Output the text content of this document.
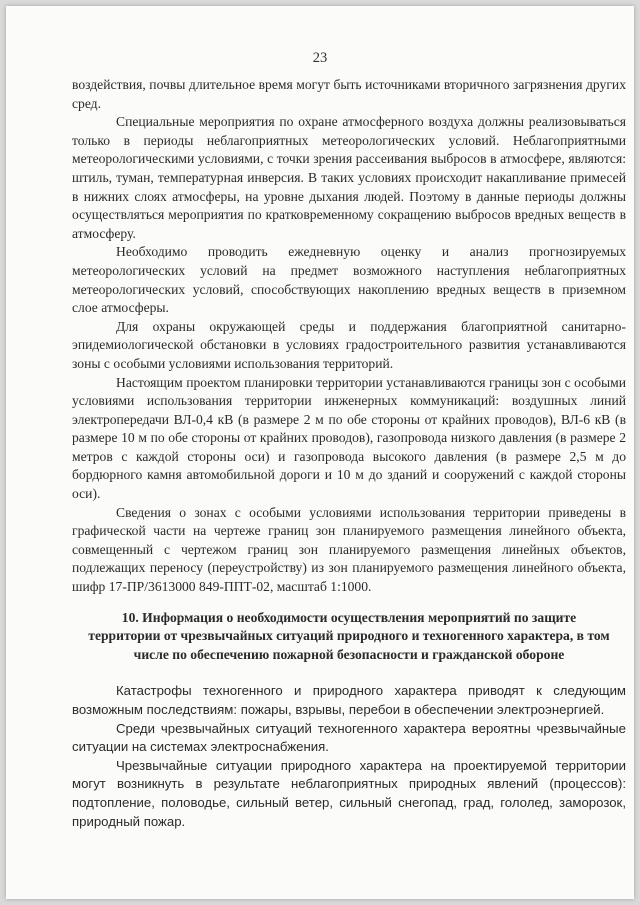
23

воздействия, почвы длительное время могут быть источниками вторичного загрязнения других сред.

Специальные мероприятия по охране атмосферного воздуха должны реализовываться только в периоды неблагоприятных метеорологических условий. Неблагоприятными метеорологическими условиями, с точки зрения рассеивания выбросов в атмосфере, являются: штиль, туман, температурная инверсия. В таких условиях происходит накапливание примесей в нижних слоях атмосферы, на уровне дыхания людей. Поэтому в данные периоды должны осуществляться мероприятия по кратковременному сокращению выбросов вредных веществ в атмосферу.

Необходимо проводить ежедневную оценку и анализ прогнозируемых метеорологических условий на предмет возможного наступления неблагоприятных метеорологических условий, способствующих накоплению вредных веществ в приземном слое атмосферы.

Для охраны окружающей среды и поддержания благоприятной санитарно-эпидемиологической обстановки в условиях градостроительного развития устанавливаются зоны с особыми условиями использования территорий.

Настоящим проектом планировки территории устанавливаются границы зон с особыми условиями использования территории инженерных коммуникаций: воздушных линий электропередачи ВЛ-0,4 кВ (в размере 2 м по обе стороны от крайних проводов), ВЛ-6 кВ (в размере 10 м по обе стороны от крайних проводов), газопровода низкого давления (в размере 2 метров с каждой стороны оси) и газопровода высокого давления (в размере 2,5 м до бордюрного камня автомобильной дороги и 10 м до зданий и сооружений с каждой стороны оси).

Сведения о зонах с особыми условиями использования территории приведены в графической части на чертеже границ зон планируемого размещения линейного объекта, совмещенный с чертежом границ зон планируемого размещения линейных объектов, подлежащих переносу (переустройству) из зон планируемого размещения линейного объекта, шифр 17-ПР/3613000 849-ППТ-02, масштаб 1:1000.

10. Информация о необходимости осуществления мероприятий по защите территории от чрезвычайных ситуаций природного и техногенного характера, в том числе по обеспечению пожарной безопасности и гражданской обороне

Катастрофы техногенного и природного характера приводят к следующим возможным последствиям: пожары, взрывы, перебои в обеспечении электроэнергией.

Среди чрезвычайных ситуаций техногенного характера вероятны чрезвычайные ситуации на системах электроснабжения.

Чрезвычайные ситуации природного характера на проектируемой территории могут возникнуть в результате неблагоприятных природных явлений (процессов): подтопление, половодье, сильный ветер, сильный снегопад, град, гололед, заморозок, природный пожар.
